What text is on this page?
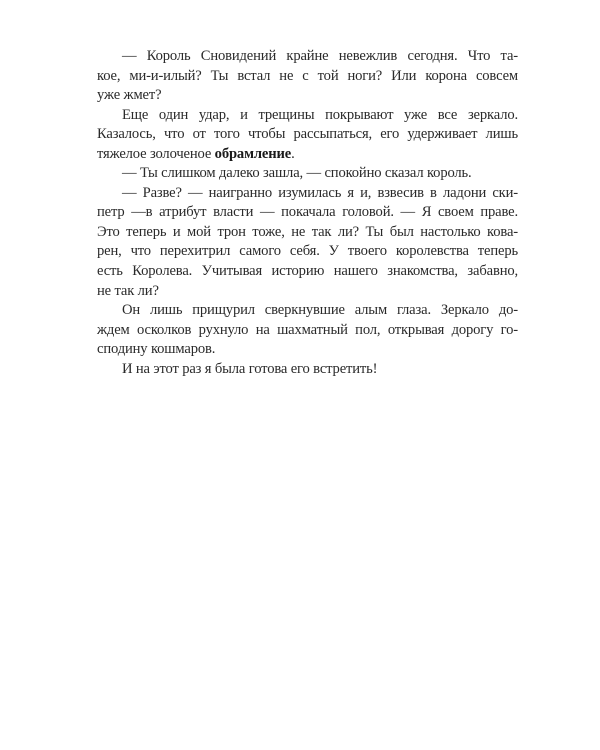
— Король Сновидений крайне невежлив сегодня. Что та-
кое, ми-и-илый? Ты встал не с той ноги? Или корона совсем
уже жмет?
Еще один удар, и трещины покрывают уже все зеркало.
Казалось, что от того чтобы рассыпаться, его удерживает лишь
тяжелое золоченое обрамление.
— Ты слишком далеко зашла, — спокойно сказал король.
— Разве? — наигранно изумилась я и, взвесив в ладони ски-
петр —в атрибут власти — покачала головой. — Я своем праве.
Это теперь и мой трон тоже, не так ли? Ты был настолько кова-
рен, что перехитрил самого себя. У твоего королевства теперь
есть Королева. Учитывая историю нашего знакомства, забавно,
не так ли?
Он лишь прищурил сверкнувшие алым глаза. Зеркало до-
ждем осколков рухнуло на шахматный пол, открывая дорогу го-
сподину кошмаров.
И на этот раз я была готова его встретить!
